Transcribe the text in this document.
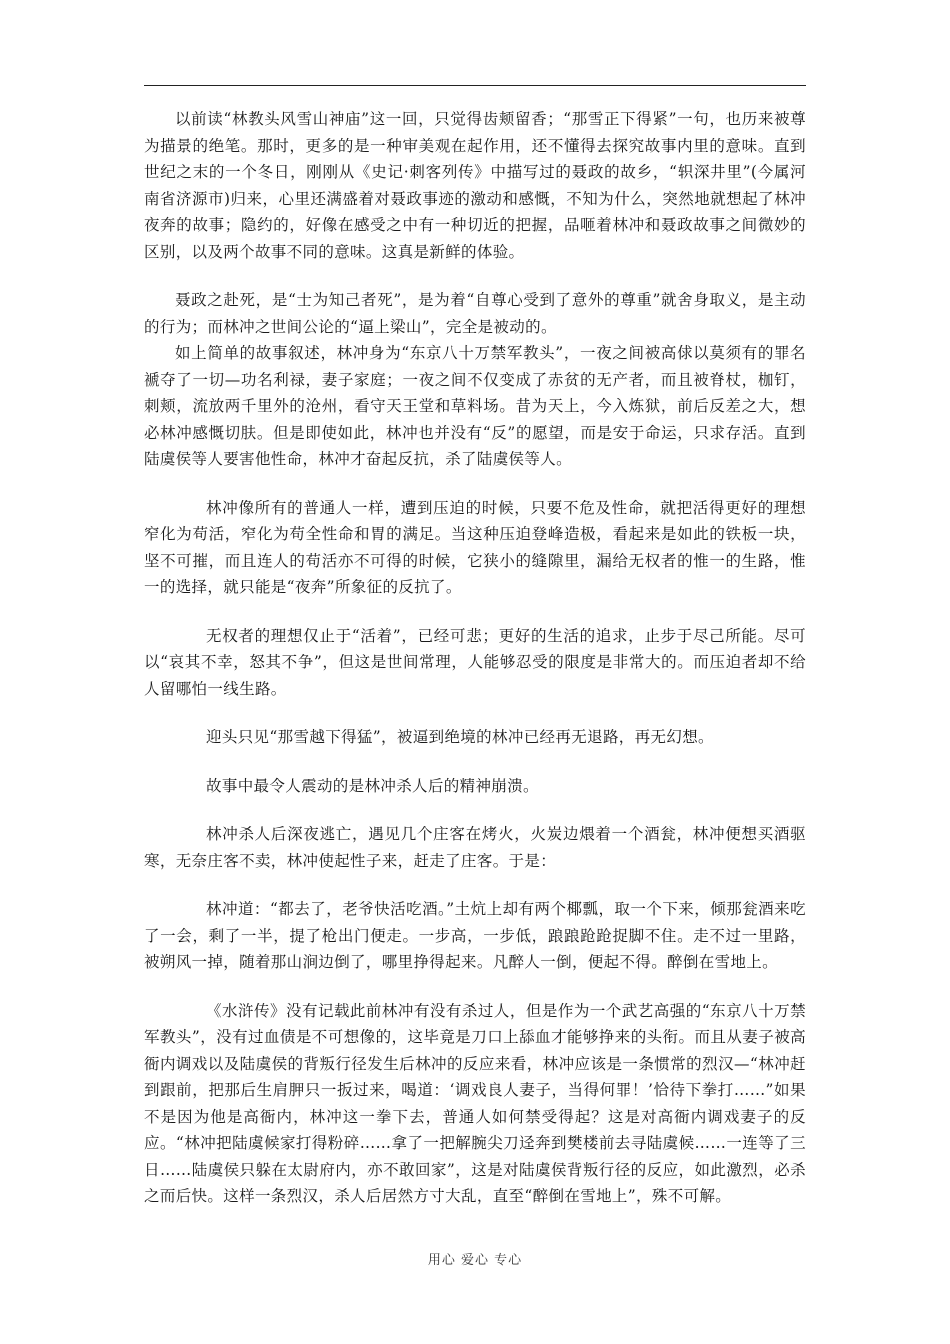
以前读“林教头风雪山神庙”这一回，只觉得齿颊留香；“那雪正下得紧”一句，也历来被尊为描景的绝笔。那时，更多的是一种审美观在起作用，还不懂得去探究故事内里的意味。直到世纪之末的一个冬日，刚刚从《史记·刺客列传》中描写过的聂政的故乡，“轵深井里”(今属河南省济源市)归来，心里还满盛着对聂政事迹的激动和感慨，不知为什么，突然地就想起了林冲夜奔的故事；隐约的，好像在感受之中有一种切近的把握，品咂着林冲和聂政故事之间微妙的区别，以及两个故事不同的意味。这真是新鲜的体验。

聂政之赴死，是“士为知己者死”，是为着“自尊心受到了意外的尊重”就舍身取义，是主动的行为；而林冲之世间公论的“逼上梁山”，完全是被动的。

如上简单的故事叙述，林冲身为“东京八十万禁军教头”，一夜之间被高俅以莫须有的罪名褫夺了一切—功名利禄，妻子家庭；一夜之间不仅变成了赤贫的无产者，而且被脊杖，枷钉，刺颊，流放两千里外的沧州，看守天王堂和草料场。昔为天上，今入炼狱，前后反差之大，想必林冲感慨切肤。但是即使如此，林冲也并没有“反”的愿望，而是安于命运，只求存活。直到陆虞侯等人要害他性命，林冲才奋起反抗，杀了陆虞侯等人。

林冲像所有的普通人一样，遭到压迫的时候，只要不危及性命，就把活得更好的理想窄化为苟活，窄化为苟全性命和胃的满足。当这种压迫登峰造极，看起来是如此的铁板一块，坚不可摧，而且连人的苟活亦不可得的时候，它狭小的缝隙里，漏给无权者的惟一的生路，惟一的选择，就只能是“夜奔”所象征的反抗了。

无权者的理想仅止于“活着”，已经可悲；更好的生活的追求，止步于尽己所能。尽可以“哀其不幸，怒其不争”，但这是世间常理，人能够忍受的限度是非常大的。而压迫者却不给人留哪怕一线生路。

迎头只见“那雪越下得猛”，被逼到绝境的林冲已经再无退路，再无幻想。

故事中最令人震动的是林冲杀人后的精神崩溃。

林冲杀人后深夜逃亡，遇见几个庄客在烤火，火炭边煨着一个酒瓮，林冲便想买酒驱寒，无奈庄客不卖，林冲使起性子来，赶走了庄客。于是：

林冲道：“都去了，老爷快活吃酒。”土炕上却有两个椰瓢，取一个下来，倾那瓮酒来吃了一会，剩了一半，提了枪出门便走。一步高，一步低，踉踉跄跄捉脚不住。走不过一里路，被朔风一掉，随着那山涧边倒了，哪里挣得起来。凡醉人一倒，便起不得。醉倒在雪地上。

《水浒传》没有记载此前林冲有没有杀过人，但是作为一个武艺高强的“东京八十万禁军教头”，没有过血债是不可想像的，这毕竟是刀口上舔血才能够挣来的头衔。而且从妻子被高衙内调戏以及陆虞侯的背叛行径发生后林冲的反应来看，林冲应该是一条惯常的烈汉—“林冲赶到跟前，把那后生肩胛只一扳过来，喝道：‘调戏良人妻子，当得何罪！’恰待下拳打……”如果不是因为他是高衙内，林冲这一拳下去，普通人如何禁受得起？这是对高衙内调戏妻子的反应。“林冲把陆虞候家打得粉碎……拿了一把解腕尖刀迳奔到樊楼前去寻陆虞候……一连等了三日……陆虞侯只躲在太尉府内，亦不敢回家”，这是对陆虞侯背叛行径的反应，如此激烈，必杀之而后快。这样一条烈汉，杀人后居然方寸大乱，直至“醉倒在雪地上”，殊不可解。

用心 爱心 专心
